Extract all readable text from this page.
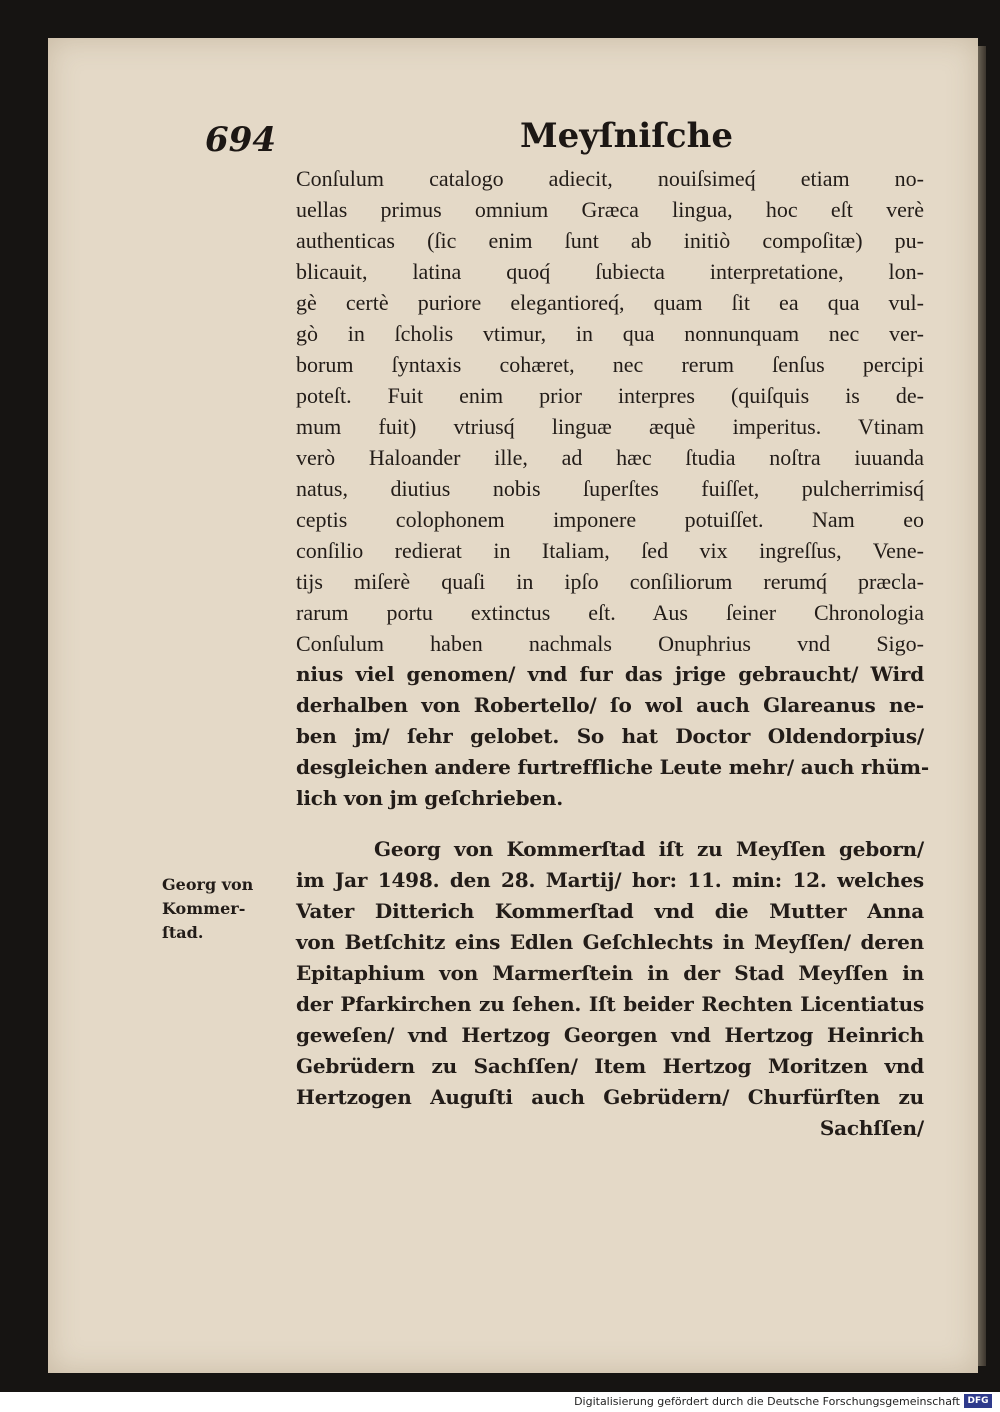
694	Meyſniſche
Conſulum catalogo adiecit, nouiſsimeq́ etiam no-
uellas primus omnium Græca lingua, hoc eſt verè
authenticas (ſic enim ſunt ab initiò compoſitæ) pu-
blicauit, latina quoq́ ſubiecta interpretatione, lon-
gè certè puriore elegantioreq́, quam ſit ea qua vul-
gò in ſcholis vtimur, in qua nonnunquam nec ver-
borum ſyntaxis cohæret, nec rerum ſenſus percipi
poteſt. Fuit enim prior interpres (quiſquis is de-
mum fuit) vtriusq́ linguæ æquè imperitus. Vtinam
verò Haloander ille, ad hæc ſtudia noſtra iuuanda
natus, diutius nobis ſuperſtes fuiſſet, pulcherrimisq́
ceptis colophonem imponere potuiſſet. Nam eo
conſilio redierat in Italiam, ſed vix ingreſſus, Vene-
tijs miſerè quaſi in ipſo conſiliorum rerumq́ præcla-
rarum portu extinctus eſt. Aus ſeiner Chronologia
Conſulum haben nachmals Onuphrius vnd Sigo-
nius viel genomen/ vnd fur das jrige gebraucht/ Wird
derhalben von Robertello/ ſo wol auch Glareanus ne-
ben jm/ ſehr gelobet. So hat Doctor Oldendorpius/
desgleichen andere furtreffliche Leute mehr/ auch rhüm-
lich von jm geſchrieben.
Georg von Kommerſtad iſt zu Meyſſen geborn/
im Jar 1498. den 28. Martij/ hor: 11. min: 12. welches
Vater Ditterich Kommerſtad vnd die Mutter Anna
von Betſchitz eins Edlen Geſchlechts in Meyſſen/ deren
Epitaphium von Marmerſtein in der Stad Meyſſen in
der Pfarkirchen zu ſehen. Iſt beider Rechten Licentiatus
geweſen/ vnd Hertzog Georgen vnd Hertzog Heinrich
Gebrüdern zu Sachſſen/ Item Hertzog Moritzen vnd
Hertzogen Auguſti auch Gebrüdern/ Churfürſten zu
Sachſſen/
Georg von
Kommer-
ſtad.
Digitalisierung gefördert durch die Deutsche Forschungsgemeinschaft DFG
